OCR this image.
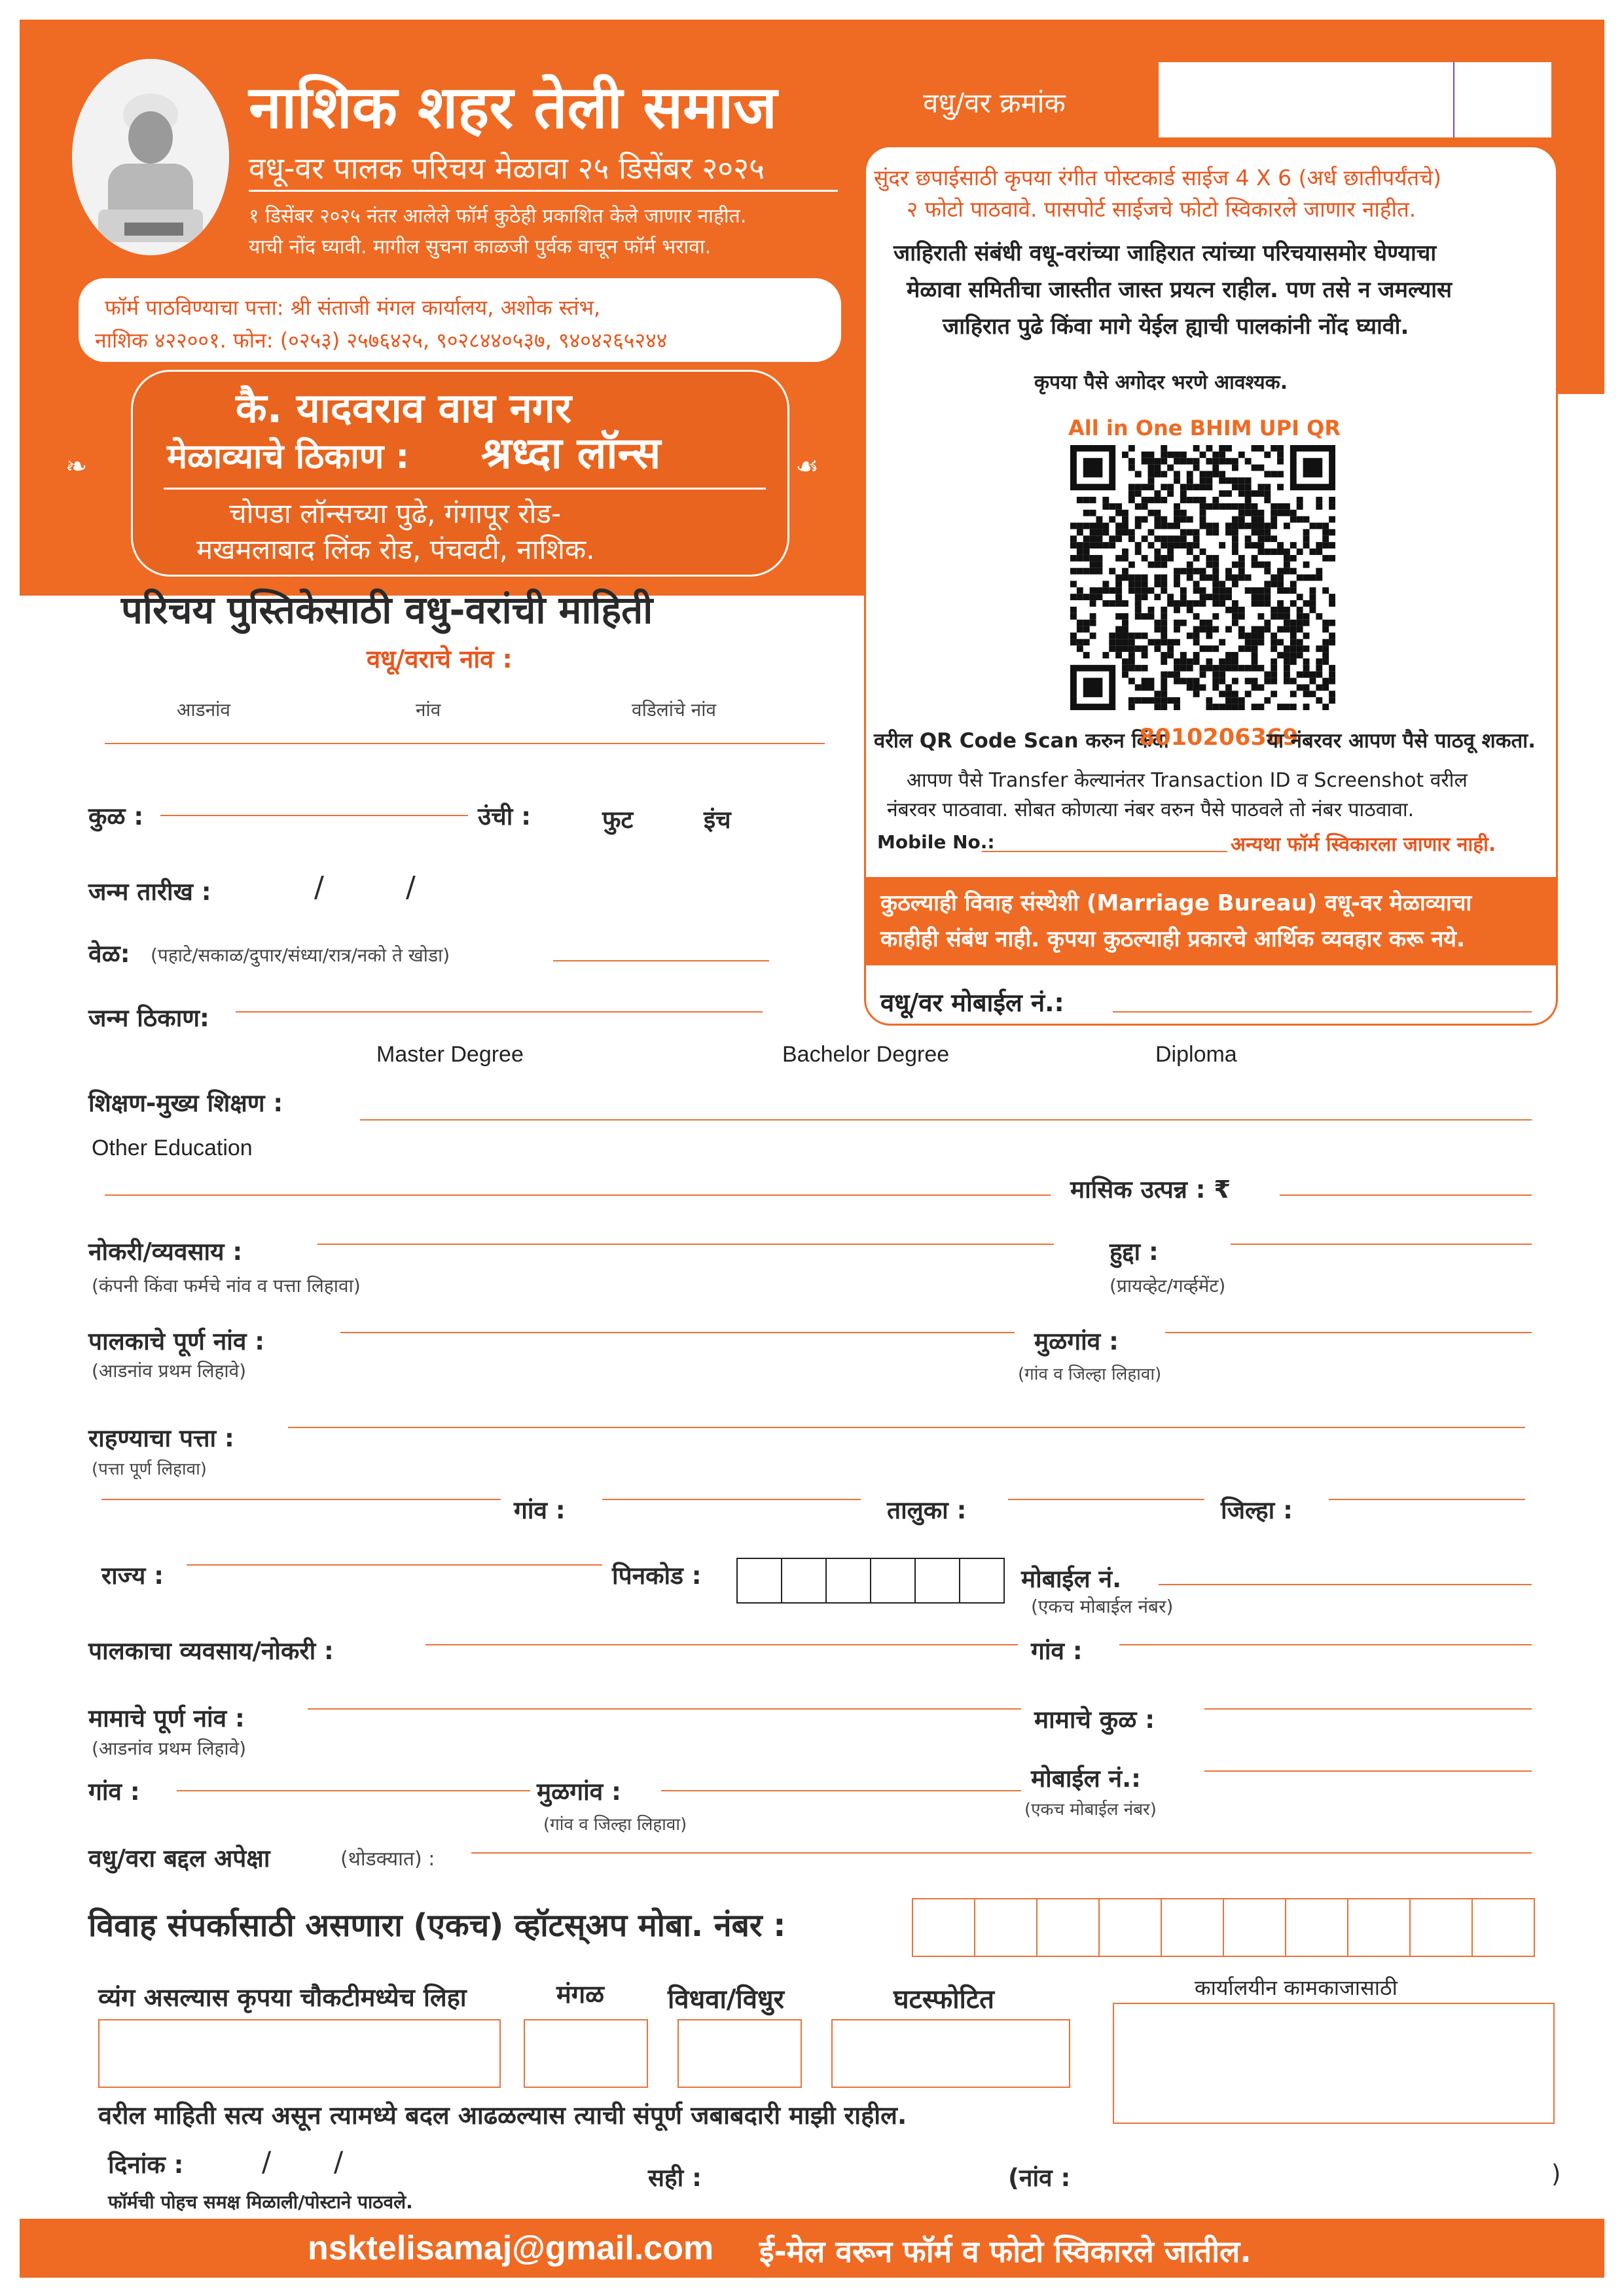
नाशिक शहर तेली समाज
वधू-वर पालक परिचय मेळावा २५ डिसेंबर २०२५
१ डिसेंबर २०२५ नंतर आलेले फॉर्म कुठेही प्रकाशित केले जाणार नाहीत.
याची नोंद घ्यावी. मागील सुचना काळजी पुर्वक वाचून फॉर्म भरावा.
वधु/वर क्रमांक
फॉर्म पाठविण्याचा पत्ता: श्री संताजी मंगल कार्यालय, अशोक स्तंभ,
नाशिक ४२२००१. फोन: (०२५३) २५७६४२५, ९०२८४४०५३७, ९४०४२६५२४४
कै. यादवराव वाघ नगर
मेळाव्याचे ठिकाण : श्रध्दा लॉन्स
चोपडा लॉन्सच्या पुढे, गंगापूर रोड-
मखमलाबाद लिंक रोड, पंचवटी, नाशिक.
❧	☙
सुंदर छपाईसाठी कृपया रंगीत पोस्टकार्ड साईज 4 X 6 (अर्ध छातीपर्यंतचे)
२ फोटो पाठवावे. पासपोर्ट साईजचे फोटो स्विकारले जाणार नाहीत.
जाहिराती संबंधी वधू-वरांच्या जाहिरात त्यांच्या परिचयासमोर घेण्याचा
मेळावा समितीचा जास्तीत जास्त प्रयत्न राहील. पण तसे न जमल्यास
जाहिरात पुढे किंवा मागे येईल ह्याची पालकांनी नोंद घ्यावी.
कृपया पैसे अगोदर भरणे आवश्यक.
All in One BHIM UPI QR
वरील QR Code Scan करुन किंवा
8010206369
या नंबरवर आपण पैसे पाठवू शकता.
आपण पैसे Transfer केल्यानंतर Transaction ID व Screenshot वरील
नंबरवर पाठवावा. सोबत कोणत्या नंबर वरुन पैसे पाठवले तो नंबर पाठवावा.
Mobile No.:	अन्यथा फॉर्म स्विकारला जाणार नाही.
कुठल्याही विवाह संस्थेशी (Marriage Bureau) वधू-वर मेळाव्याचा
काहीही संबंध नाही. कृपया कुठल्याही प्रकारचे आर्थिक व्यवहार करू नये.
वधू/वर मोबाईल नं.:
परिचय पुस्तिकेसाठी वधु-वरांची माहिती
वधू/वराचे नांव :
आडनांव	नांव	वडिलांचे नांव
कुळ :	उंची :	फुट	इंच
जन्म तारीख :	/	/
वेळ: (पहाटे/सकाळ/दुपार/संध्या/रात्र/नको ते खोडा)
जन्म ठिकाण:
Master Degree	Bachelor Degree	Diploma
शिक्षण-मुख्य शिक्षण :
Other Education
मासिक उत्पन्न : ₹
नोकरी/व्यवसाय :
(कंपनी किंवा फर्मचे नांव व पत्ता लिहावा)
हुद्दा :
(प्रायव्हेट/गर्व्हमेंट)
पालकाचे पूर्ण नांव :
(आडनांव प्रथम लिहावे)
मुळगांव :
(गांव व जिल्हा लिहावा)
राहण्याचा पत्ता :
(पत्ता पूर्ण लिहावा)
गांव :	तालुका :	जिल्हा :
राज्य :	पिनकोड :	मोबाईल नं.
(एकच मोबाईल नंबर)
पालकाचा व्यवसाय/नोकरी :	गांव :
मामाचे पूर्ण नांव :
(आडनांव प्रथम लिहावे)
मामाचे कुळ :
गांव :	मुळगांव :
(गांव व जिल्हा लिहावा)
मोबाईल नं.:
(एकच मोबाईल नंबर)
वधु/वरा बद्दल अपेक्षा	(थोडक्यात) :
विवाह संपर्कासाठी असणारा (एकच) व्हॉटस्अप मोबा. नंबर :
व्यंग असल्यास कृपया चौकटीमध्येच लिहा	मंगळ विधवा/विधुर	घटस्फोटित	कार्यालयीन कामकाजासाठी
वरील माहिती सत्य असून त्यामध्ये बदल आढळल्यास त्याची संपूर्ण जबाबदारी माझी राहील.
दिनांक :	/ /
सही :	(नांव :	)
फॉर्मची पोहच समक्ष मिळाली/पोस्टाने पाठवले.
nsktelisamaj@gmail.com ई-मेल वरून फॉर्म व फोटो स्विकारले जातील.
